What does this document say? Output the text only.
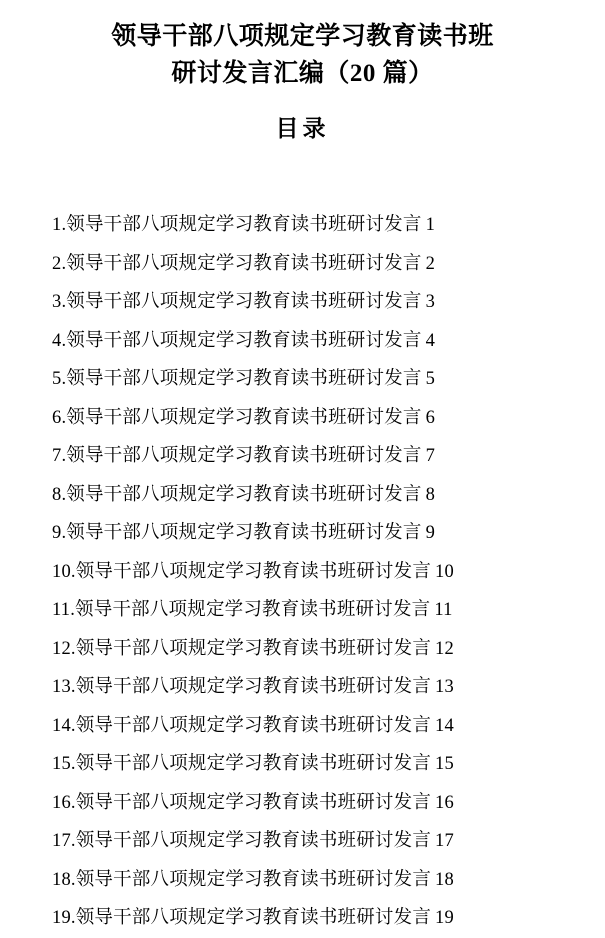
领导干部八项规定学习教育读书班
研讨发言汇编（20 篇）
目录
1.领导干部八项规定学习教育读书班研讨发言 1
2.领导干部八项规定学习教育读书班研讨发言 2
3.领导干部八项规定学习教育读书班研讨发言 3
4.领导干部八项规定学习教育读书班研讨发言 4
5.领导干部八项规定学习教育读书班研讨发言 5
6.领导干部八项规定学习教育读书班研讨发言 6
7.领导干部八项规定学习教育读书班研讨发言 7
8.领导干部八项规定学习教育读书班研讨发言 8
9.领导干部八项规定学习教育读书班研讨发言 9
10.领导干部八项规定学习教育读书班研讨发言 10
11.领导干部八项规定学习教育读书班研讨发言 11
12.领导干部八项规定学习教育读书班研讨发言 12
13.领导干部八项规定学习教育读书班研讨发言 13
14.领导干部八项规定学习教育读书班研讨发言 14
15.领导干部八项规定学习教育读书班研讨发言 15
16.领导干部八项规定学习教育读书班研讨发言 16
17.领导干部八项规定学习教育读书班研讨发言 17
18.领导干部八项规定学习教育读书班研讨发言 18
19.领导干部八项规定学习教育读书班研讨发言 19
